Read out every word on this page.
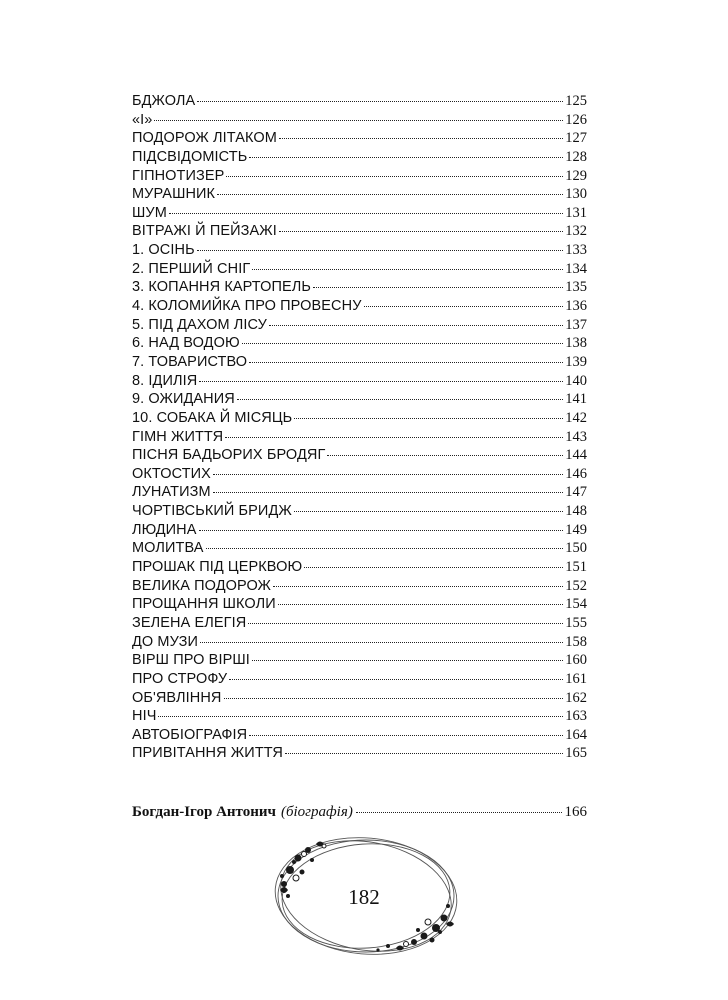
БДЖОЛА	125
«І»	126
ПОДОРОЖ ЛІТАКОМ	127
ПІДСВІДОМІСТЬ	128
ГІПНОТИЗЕР	129
МУРАШНИК	130
ШУМ	131
ВІТРАЖІ Й ПЕЙЗАЖІ	132
1. ОСІНЬ	133
2. ПЕРШИЙ СНІГ	134
3. КОПАННЯ КАРТОПЕЛЬ	135
4. КОЛОМИЙКА ПРО ПРОВЕСНУ	136
5. ПІД ДАХОМ ЛІСУ	137
6. НАД ВОДОЮ	138
7. ТОВАРИСТВО	139
8. ІДИЛІЯ	140
9. ОЖИДАНИЯ	141
10. СОБАКА Й МІСЯЦЬ	142
ГІМН ЖИТТЯ	143
ПІСНЯ БАДЬОРИХ БРОДЯГ	144
ОКТОСТИХ	146
ЛУНАТИЗМ	147
ЧОРТІВСЬКИЙ БРИДЖ	148
ЛЮДИНА	149
МОЛИТВА	150
ПРОШАК ПІД ЦЕРКВОЮ	151
ВЕЛИКА ПОДОРОЖ	152
ПРОЩАННЯ ШКОЛИ	154
ЗЕЛЕНА ЕЛЕГІЯ	155
ДО МУЗИ	158
ВІРШ ПРО ВІРШІ	160
ПРО СТРОФУ	161
ОБ'ЯВЛІННЯ	162
НІЧ	163
АВТОБІОГРАФІЯ	164
ПРИВІТАННЯ ЖИТТЯ	165
Богдан-Ігор Антонич (біографія)	166
182
